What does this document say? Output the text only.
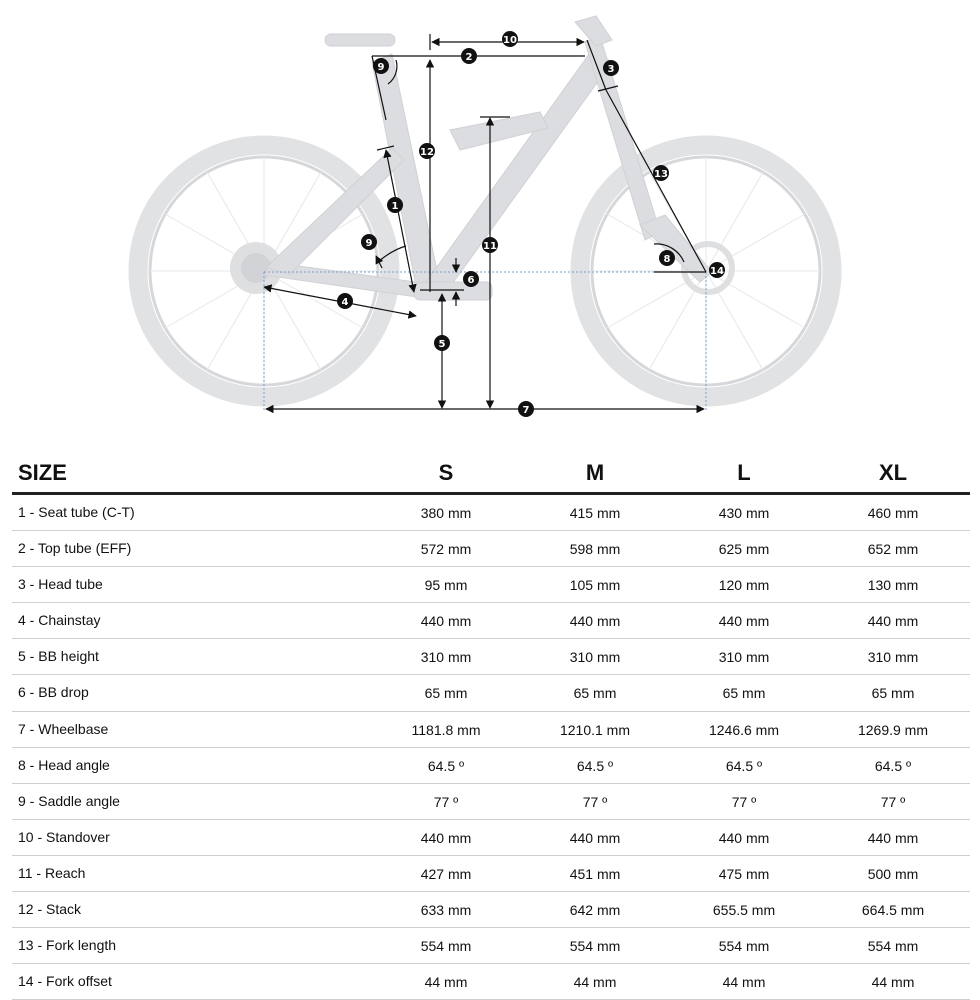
10
2
9	3
12
13
1
9	11
8
14
6
4
5
7
SIZE	S	M	L	XL
1 - Seat tube (C-T)	380 mm	415 mm	430 mm	460 mm
2 - Top tube (EFF)	572 mm	598 mm	625 mm	652 mm
3 - Head tube	95 mm	105 mm	120 mm	130 mm
4 - Chainstay	440 mm	440 mm	440 mm	440 mm
5 - BB height	310 mm	310 mm	310 mm	310 mm
6 - BB drop	65 mm	65 mm	65 mm	65 mm
7 - Wheelbase	1181.8 mm	1210.1 mm	1246.6 mm	1269.9 mm
8 - Head angle	64.5 º	64.5 º	64.5 º	64.5 º
9 - Saddle angle	77 º	77 º	77 º	77 º
10 - Standover	440 mm	440 mm	440 mm	440 mm
11 - Reach	427 mm	451 mm	475 mm	500 mm
12 - Stack	633 mm	642 mm	655.5 mm	664.5 mm
13 - Fork length	554 mm	554 mm	554 mm	554 mm
14 - Fork offset	44 mm	44 mm	44 mm	44 mm
